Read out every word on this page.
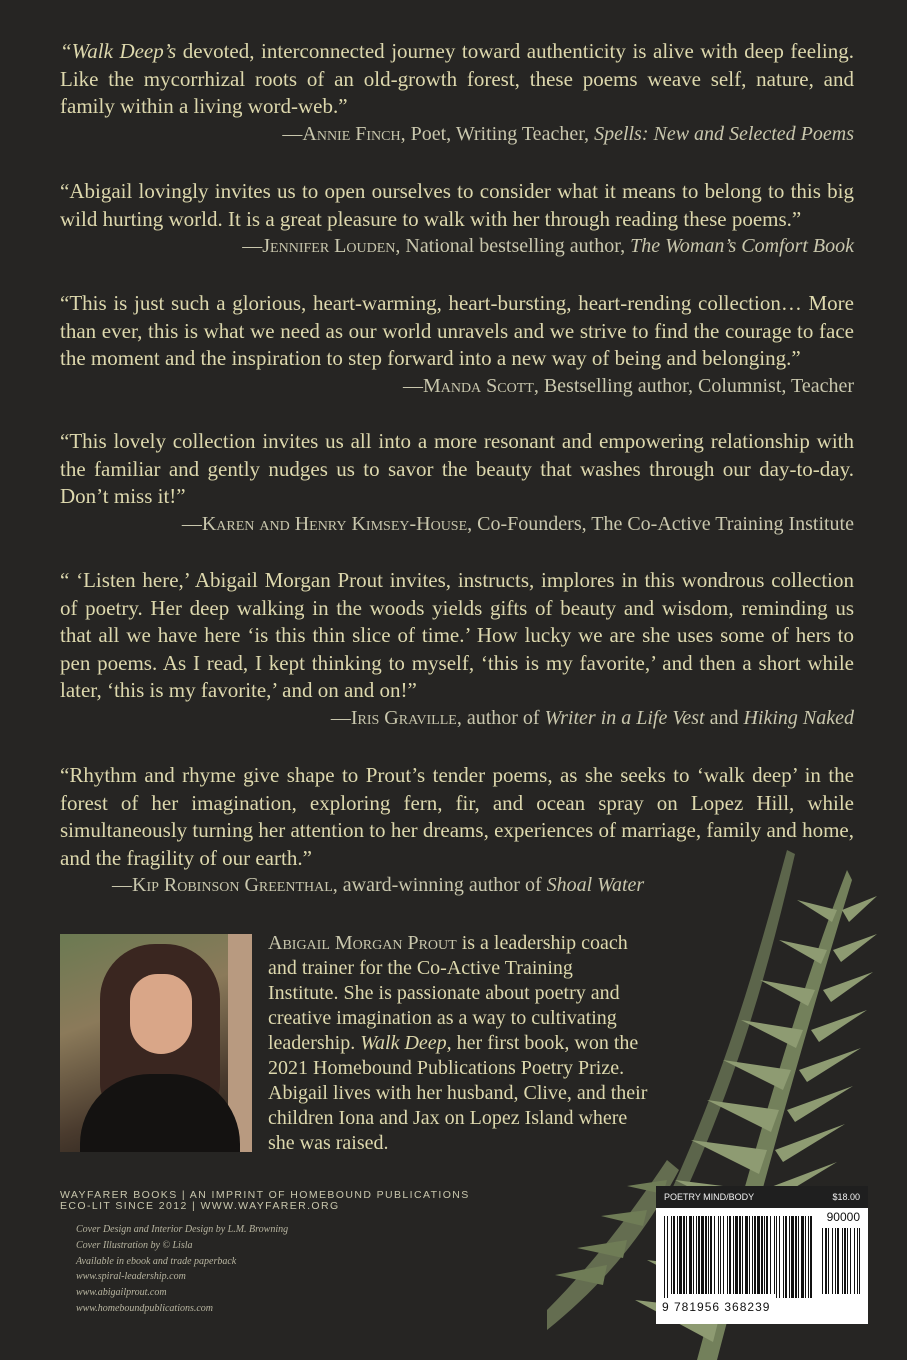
“Walk Deep’s devoted, interconnected journey toward authenticity is alive with deep feeling. Like the mycorrhizal roots of an old-growth forest, these poems weave self, nature, and family within a living word-web.”
—Annie Finch, Poet, Writing Teacher, Spells: New and Selected Poems
“Abigail lovingly invites us to open ourselves to consider what it means to belong to this big wild hurting world. It is a great pleasure to walk with her through reading these poems.”
—Jennifer Louden, National bestselling author, The Woman’s Comfort Book
“This is just such a glorious, heart-warming, heart-bursting, heart-rending collection… More than ever, this is what we need as our world unravels and we strive to find the courage to face the moment and the inspiration to step forward into a new way of being and belonging.”
—Manda Scott, Bestselling author, Columnist, Teacher
“This lovely collection invites us all into a more resonant and empowering relationship with the familiar and gently nudges us to savor the beauty that washes through our day-to-day. Don’t miss it!”
—Karen and Henry Kimsey-House, Co-Founders, The Co-Active Training Institute
“ ‘Listen here,’ Abigail Morgan Prout invites, instructs, implores in this wondrous collection of poetry. Her deep walking in the woods yields gifts of beauty and wisdom, reminding us that all we have here ‘is this thin slice of time.’ How lucky we are she uses some of hers to pen poems. As I read, I kept thinking to myself, ‘this is my favorite,’ and then a short while later, ‘this is my favorite,’ and on and on!”
—Iris Graville, author of Writer in a Life Vest and Hiking Naked
“Rhythm and rhyme give shape to Prout’s tender poems, as she seeks to ‘walk deep’ in the forest of her imagination, exploring fern, fir, and ocean spray on Lopez Hill, while simultaneously turning her attention to her dreams, experiences of marriage, family and home, and the fragility of our earth.”
—Kip Robinson Greenthal, award-winning author of Shoal Water
Abigail Morgan Prout is a leadership coach and trainer for the Co-Active Training Institute. She is passionate about poetry and creative imagination as a way to cultivating leadership. Walk Deep, her first book, won the 2021 Homebound Publications Poetry Prize. Abigail lives with her husband, Clive, and their children Iona and Jax on Lopez Island where she was raised.
WAYFARER BOOKS | AN IMPRINT OF HOMEBOUND PUBLICATIONS
ECO-LIT SINCE 2012 | WWW.WAYFARER.ORG
Cover Design and Interior Design by L.M. Browning
Cover Illustration by © Lisla
Available in ebook and trade paperback
www.spiral-leadership.com
www.abigailprout.com
www.homeboundpublications.com
POETRY MIND/BODY	$18.00
90000
9 781956 368239
